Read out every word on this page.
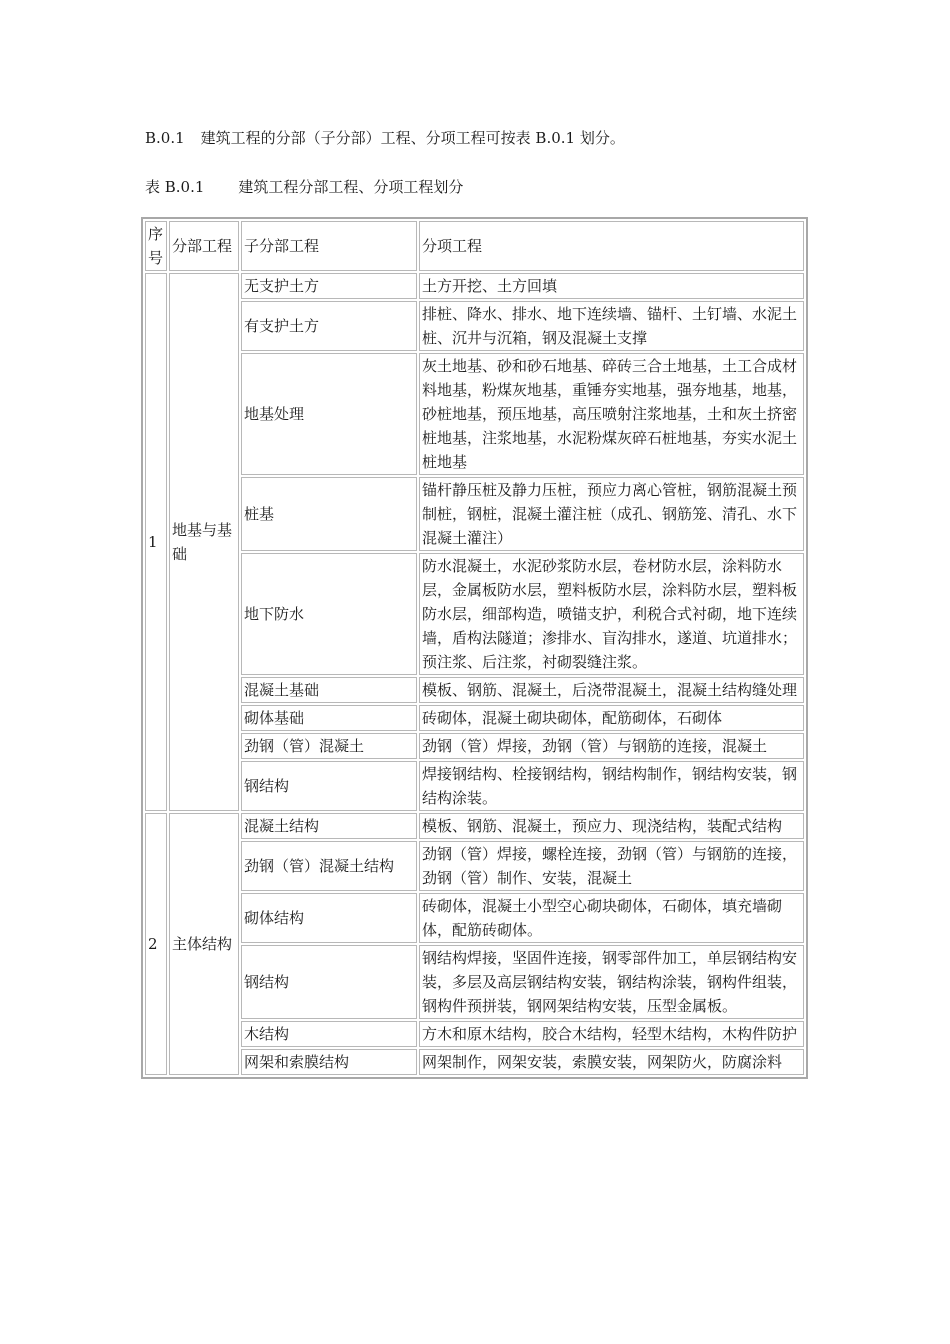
B.0.1 建筑工程的分部（子分部）工程、分项工程可按表 B.0.1 划分。
表 B.0.1 建筑工程分部工程、分项工程划分
序号	分部工程	子分部工程	分项工程
1	地基与基础	无支护土方	土方开挖、土方回填
		有支护土方	排桩、降水、排水、地下连续墙、锚杆、土钉墙、水泥土桩、沉井与沉箱，钢及混凝土支撑
		地基处理	灰土地基、砂和砂石地基、碎砖三合土地基，土工合成材料地基，粉煤灰地基，重锤夯实地基，强夯地基，地基，砂桩地基，预压地基，高压喷射注浆地基，土和灰土挤密桩地基，注浆地基，水泥粉煤灰碎石桩地基，夯实水泥土桩地基
		桩基	锚杆静压桩及静力压桩，预应力离心管桩，钢筋混凝土预制桩，钢桩，混凝土灌注桩（成孔、钢筋笼、清孔、水下混凝土灌注）
		地下防水	防水混凝土，水泥砂浆防水层，卷材防水层，涂料防水层，金属板防水层，塑料板防水层，涂料防水层，塑料板防水层，细部构造，喷锚支护，利税合式衬砌，地下连续墙，盾构法隧道；渗排水、盲沟排水，遂道、坑道排水；预注浆、后注浆，衬砌裂缝注浆。
		混凝土基础	模板、钢筋、混凝土，后浇带混凝土，混凝土结构缝处理
		砌体基础	砖砌体，混凝土砌块砌体，配筋砌体，石砌体
		劲钢（管）混凝土	劲钢（管）焊接，劲钢（管）与钢筋的连接，混凝土
		钢结构	焊接钢结构、栓接钢结构，钢结构制作，钢结构安装，钢结构涂装。
2	主体结构	混凝土结构	模板、钢筋、混凝土，预应力、现浇结构，装配式结构
		劲钢（管）混凝土结构	劲钢（管）焊接，螺栓连接，劲钢（管）与钢筋的连接，劲钢（管）制作、安装，混凝土
		砌体结构	砖砌体，混凝土小型空心砌块砌体，石砌体，填充墙砌体，配筋砖砌体。
		钢结构	钢结构焊接，坚固件连接，钢零部件加工，单层钢结构安装，多层及高层钢结构安装，钢结构涂装，钢构件组装，钢构件预拼装，钢网架结构安装，压型金属板。
		木结构	方木和原木结构，胶合木结构，轻型木结构，木构件防护
		网架和索膜结构	网架制作，网架安装，索膜安装，网架防火，防腐涂料
